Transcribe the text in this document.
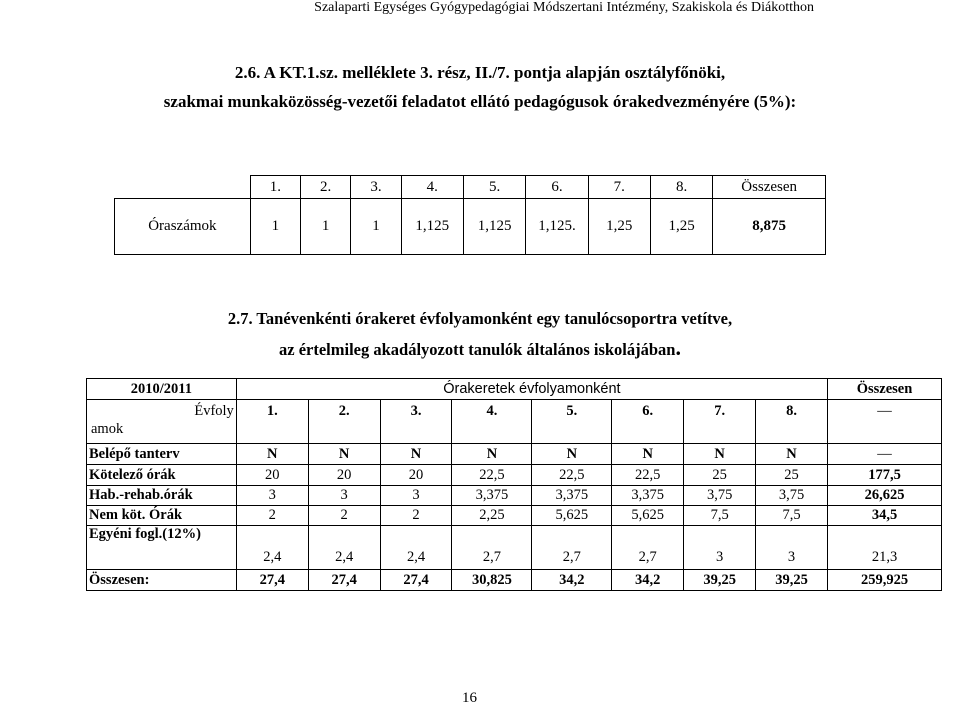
Szalaparti Egységes Gyógypedagógiai Módszertani Intézmény, Szakiskola és Diákotthon
2.6. A KT.1.sz. melléklete 3. rész, II./7. pontja alapján osztályfőnöki,
szakmai munkaközösség-vezetői feladatot ellátó pedagógusok órakedvezményére (5%):
	1.	2.	3.	4.	5.	6.	7.	8.	Összesen
Óraszámok	1	1	1	1,125	1,125	1,125.	1,25	1,25	8,875
2.7. Tanévenkénti órakeret évfolyamonként egy tanulócsoportra vetítve,
az értelmileg akadályozott tanulók általános iskolájában.
2010/2011	Órakeretek évfolyamonként								Összesen
Évfoly
amok	1.	2.	3.	4.	5.	6.	7.	8.	—
Belépő tanterv	N	N	N	N	N	N	N	N	—
Kötelező órák	20	20	20	22,5	22,5	22,5	25	25	177,5
Hab.-rehab.órák	3	3	3	3,375	3,375	3,375	3,75	3,75	26,625
Nem köt. Órák	2	2	2	2,25	5,625	5,625	7,5	7,5	34,5
Egyéni fogl.(12%)	2,4	2,4	2,4	2,7	2,7	2,7	3	3	21,3
Összesen:	27,4	27,4	27,4	30,825	34,2	34,2	39,25	39,25	259,925
16
